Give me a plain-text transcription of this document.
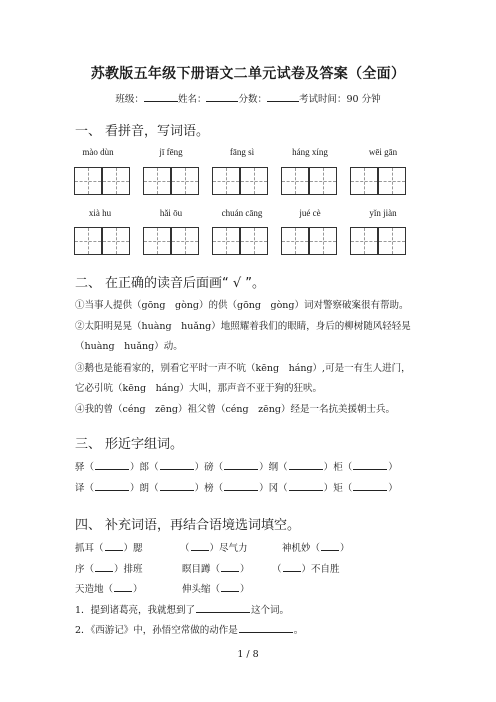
苏教版五年级下册语文二单元试卷及答案（全面）
班级：	姓名：	分数：	考试时间：90 分钟
一、 看拼音，写词语。
mào dùn	jī fēng	fāng sì	háng xíng	wēi gān
xià hu	hǎi ōu	chuán cāng	jué cè	yǐn jiàn
二、 在正确的读音后面画“ √ ”。
①当事人提供（gōng　gòng）的供（gōng　gòng）词对警察破案很有帮助。
②太阳明晃晃（huàng　huǎng）地照耀着我们的眼睛，身后的柳树随风轻轻晃
（huàng　huǎng）动。
③鹅也是能看家的，别看它平时一声不吭（kēng　háng）,可是一有生人进门，
它必引吭（kēng　háng）大叫，那声音不亚于狗的狂吠。
④我的曾（céng　zēng）祖父曾（céng　zēng）经是一名抗美援朝士兵。
三、 形近字组词。
驿（	）郎（	）磅（	）纲（	）柜（	）
译（	）朗（	）榜（	）冈（	）矩（	）
四、 补充词语，再结合语境选词填空。
抓耳（ ）腮	（ ）尽气力	神机妙（ ）
序（ ）排班	瞑目蹲（ ） （ ）不自胜
天造地（ ）	伸头缩（ ）
1．提到诸葛亮，我就想到了	这个词。
2．《西游记》中，孙悟空常做的动作是	。
1 / 8
